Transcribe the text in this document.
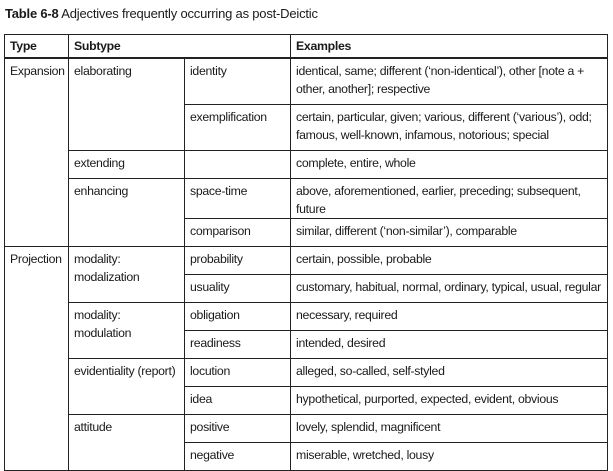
Table 6-8 Adjectives frequently occurring as post-Deictic
Type	Subtype		Examples
Expansion	elaborating	identity	identical, same; different (‘non-identical’), other [note a + other, another]; respective
		exemplification	certain, particular, given; various, different (‘various’), odd; famous, well-known, infamous, notorious; special
	extending		complete, entire, whole
	enhancing	space-time	above, aforementioned, earlier, preceding; subsequent, future
		comparison	similar, different (‘non-similar’), comparable
Projection	modality: modalization	probability	certain, possible, probable
		usuality	customary, habitual, normal, ordinary, typical, usual, regular
	modality: modulation	obligation	necessary, required
		readiness	intended, desired
	evidentiality (report)	locution	alleged, so-called, self-styled
		idea	hypothetical, purported, expected, evident, obvious
	attitude	positive	lovely, splendid, magnificent
		negative	miserable, wretched, lousy
